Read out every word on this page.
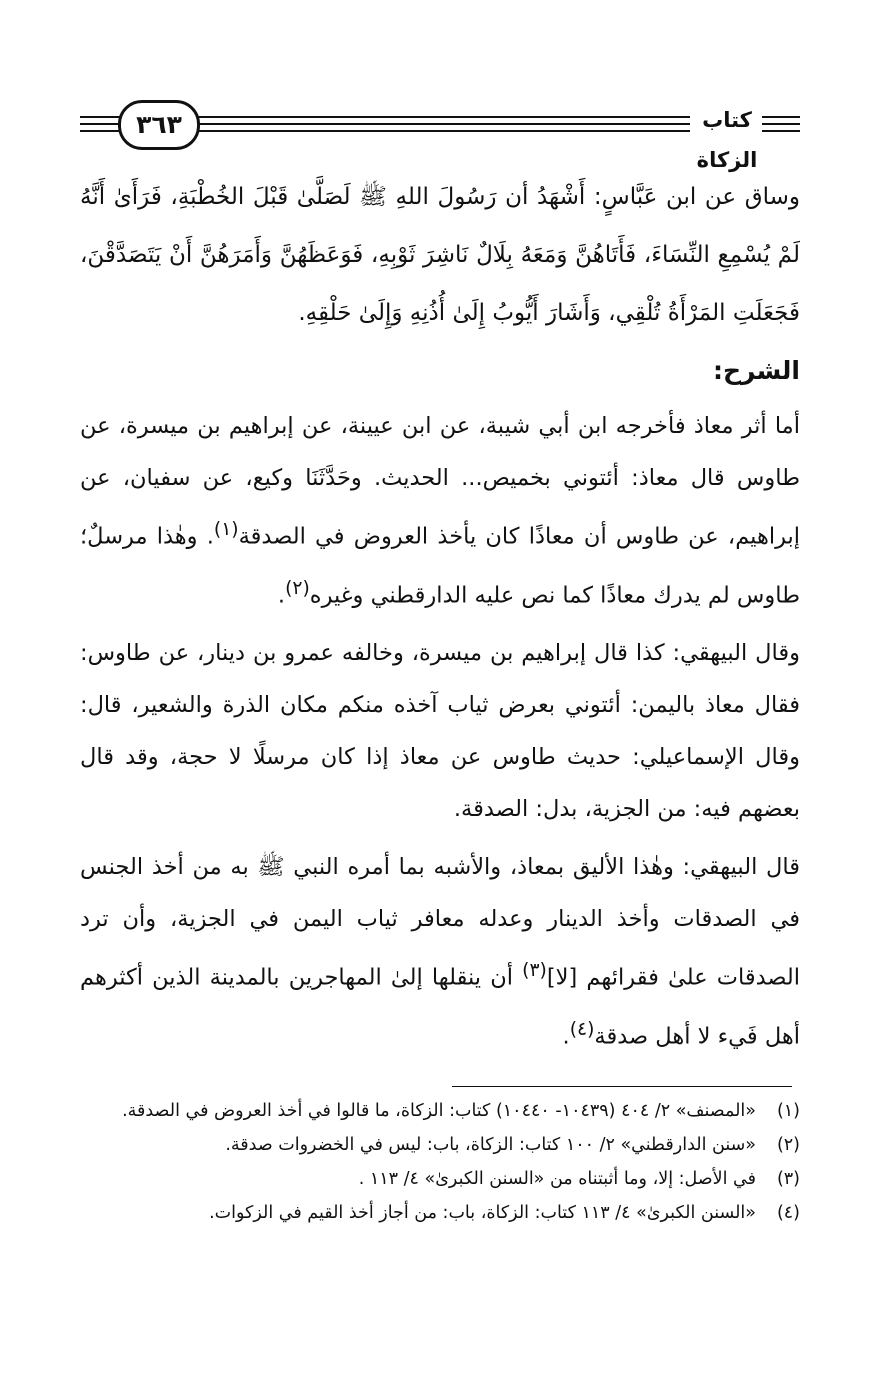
٣٦٣	كتاب الزكاة

وساق عن ابن عَبَّاسٍ: أَشْهَدُ أن رَسُولَ اللهِ ﷺ لَصَلَّىٰ قَبْلَ الخُطْبَةِ، فَرَأَىٰ أَنَّهُ لَمْ يُسْمِعِ النِّسَاءَ، فَأَتَاهُنَّ وَمَعَهُ بِلَالٌ نَاشِرَ ثَوْبِهِ، فَوَعَظَهُنَّ وَأَمَرَهُنَّ أَنْ يَتَصَدَّقْنَ، فَجَعَلَتِ المَرْأَةُ تُلْقِي، وَأَشَارَ أَيُّوبُ إِلَىٰ أُذُنِهِ وَإِلَىٰ حَلْقِهِ.

الشرح:

أما أثر معاذ فأخرجه ابن أبي شيبة، عن ابن عيينة، عن إبراهيم بن ميسرة، عن طاوس قال معاذ: أئتوني بخميص... الحديث. وحَدَّثَنَا وكيع، عن سفيان، عن إبراهيم، عن طاوس أن معاذًا كان يأخذ العروض في الصدقة$^{(١)}$. وهٰذا مرسلٌ؛ طاوس لم يدرك معاذًا كما نص عليه الدارقطني وغيره$^{(٢)}$.

وقال البيهقي: كذا قال إبراهيم بن ميسرة، وخالفه عمرو بن دينار، عن طاوس: فقال معاذ باليمن: أئتوني بعرض ثياب آخذه منكم مكان الذرة والشعير، قال: وقال الإسماعيلي: حديث طاوس عن معاذ إذا كان مرسلًا لا حجة، وقد قال بعضهم فيه: من الجزية، بدل: الصدقة.

قال البيهقي: وهٰذا الأليق بمعاذ، والأشبه بما أمره النبي ﷺ به من أخذ الجنس في الصدقات وأخذ الدينار وعدله معافر ثياب اليمن في الجزية، وأن ترد الصدقات علىٰ فقرائهم [لا]$^{(٣)}$ أن ينقلها إلىٰ المهاجرين بالمدينة الذين أكثرهم أهل فَيء لا أهل صدقة$^{(٤)}$.

(١)
«المصنف» ٢/ ٤٠٤ (١٠٤٣٩- ١٠٤٤٠) كتاب: الزكاة، ما قالوا في أخذ العروض في الصدقة.
(٢)
«سنن الدارقطني» ٢/ ١٠٠ كتاب: الزكاة، باب: ليس في الخضروات صدقة.
(٣)
في الأصل: إلا، وما أثبتناه من «السنن الكبرىٰ» ٤/ ١١٣ .
(٤)
«السنن الكبرىٰ» ٤/ ١١٣ كتاب: الزكاة، باب: من أجاز أخذ القيم في الزكوات.
